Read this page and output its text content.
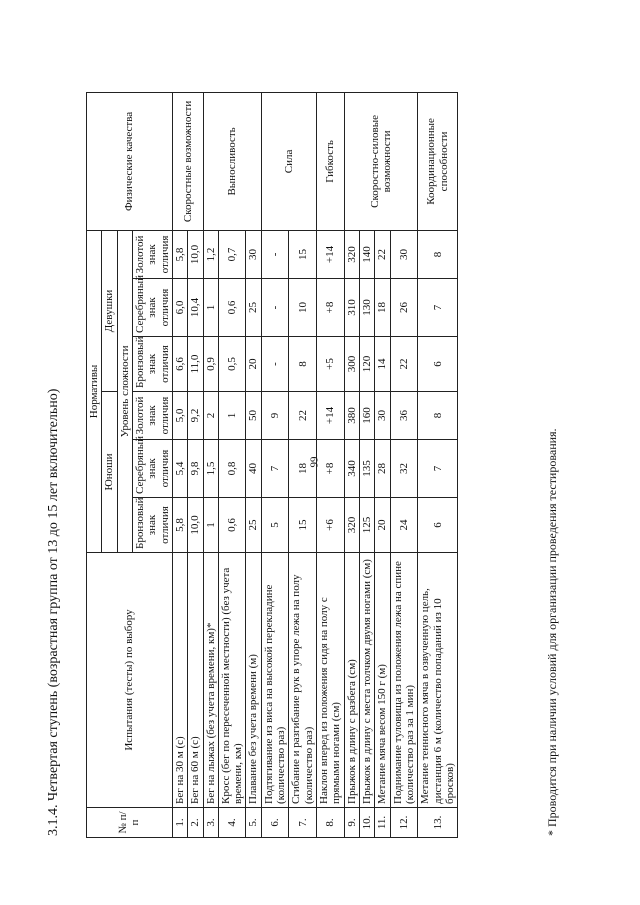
99
3.1.4. Четвертая ступень (возрастная группа от 13 до 15 лет включительно)	№ п/п	Испытания (тесты) по выбору	Нормативы						Физические качества
		Юноши			Девушки			
		Уровень сложности						
		Бронзовый знак отличия	Серебряный знак отличия	Золотой знак отличия	Бронзовый знак отличия	Серебряный знак отличия	Золотой знак отличия	
1.	Бег на 30 м (с)	5,8	5,4	5,0	6,6	6,0	5,8	Скоростные возможности
2.	Бег на 60 м (с)	10,0	9,8	9,2	11,0	10,4	10,0	
3.	Бег на лыжах (без учета времени, км)*	1	1,5	2	0,9	1	1,2	Выносливость
4.	Кросс (бег по пересеченной местности) (без учета времени, км)	0,6	0,8	1	0,5	0,6	0,7	
5.	Плавание без учета времени (м)	25	40	50	20	25	30	
6.	Подтягивание из виса на высокой перекладине (количество раз)	5	7	9	-	-	-	Сила
7.	Сгибание и разгибание рук в упоре лежа на полу (количество раз)	15	18	22	8	10	15	
8.	Наклон вперед из положения сидя на полу с прямыми ногами (см)	+6	+8	+14	+5	+8	+14	Гибкость
9.	Прыжок в длину с разбега (см)	320	340	380	300	310	320	Скоростно-силовые возможности
10.	Прыжок в длину с места толчком двумя ногами (см)	125	135	160	120	130	140	
11.	Метание мяча весом 150 г (м)	20	28	30	14	18	22	
12.	Поднимание туловища из положения лежа на спине (количество раз за 1 мин)	24	32	36	22	26	30	
13.	Метание теннисного мяча в озвученную цель, дистанция 6 м (количество попаданий из 10 бросков)	6	7	8	6	7	8	Координационные способности
* Проводится при наличии условий для организации проведения тестирования.
